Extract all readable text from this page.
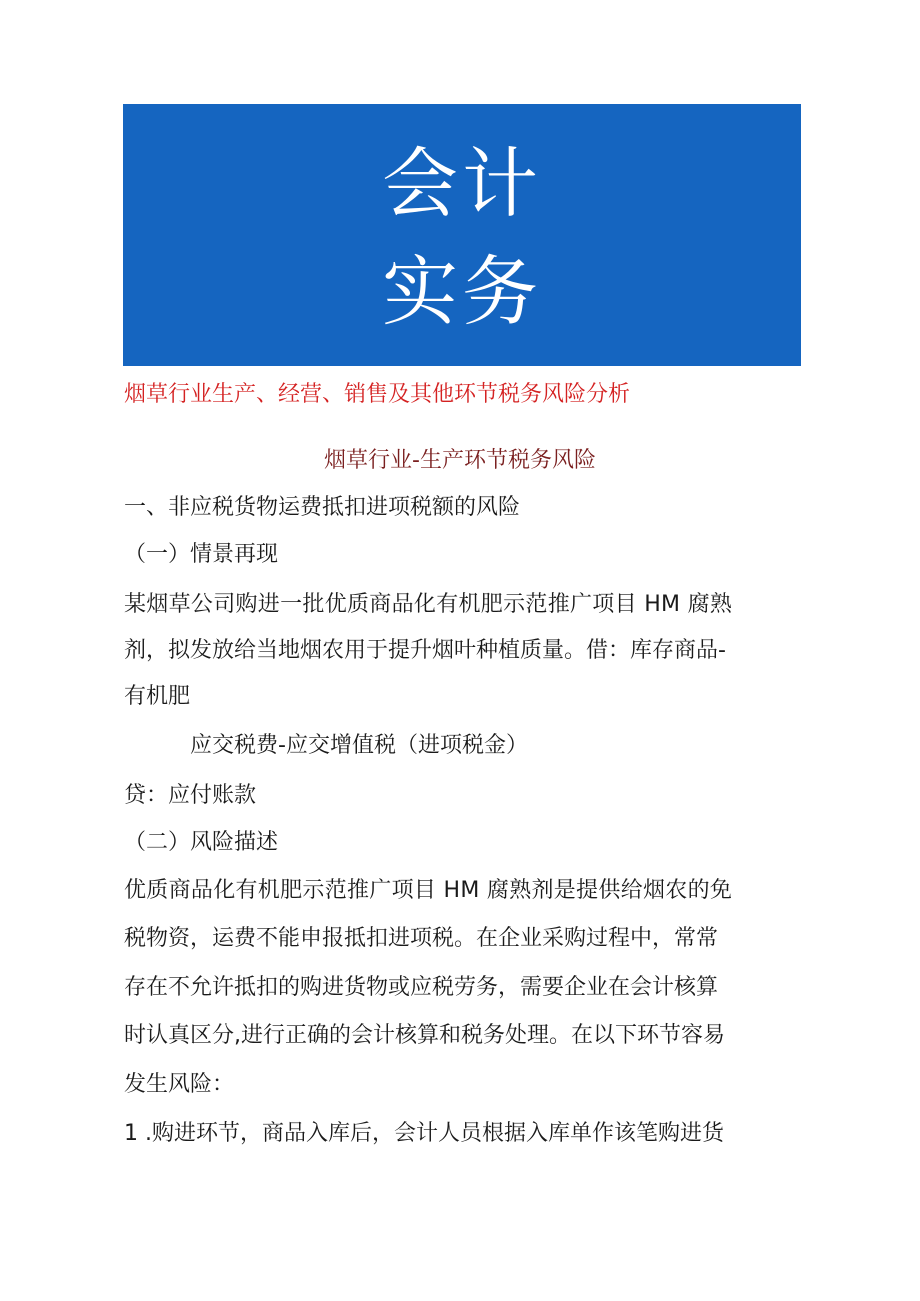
会计
实务
烟草行业生产、经营、销售及其他环节税务风险分析
烟草行业-生产环节税务风险
一、非应税货物运费抵扣进项税额的风险
（一）情景再现
某烟草公司购进一批优质商品化有机肥示范推广项目 HM 腐熟
剂，拟发放给当地烟农用于提升烟叶种植质量。借：库存商品-
有机肥
应交税费-应交增值税（进项税金）
贷：应付账款
（二）风险描述
优质商品化有机肥示范推广项目 HM 腐熟剂是提供给烟农的免
税物资，运费不能申报抵扣进项税。在企业采购过程中，常常
存在不允许抵扣的购进货物或应税劳务，需要企业在会计核算
时认真区分,进行正确的会计核算和税务处理。在以下环节容易
发生风险：
1 .购进环节，商品入库后，会计人员根据入库单作该笔购进货
